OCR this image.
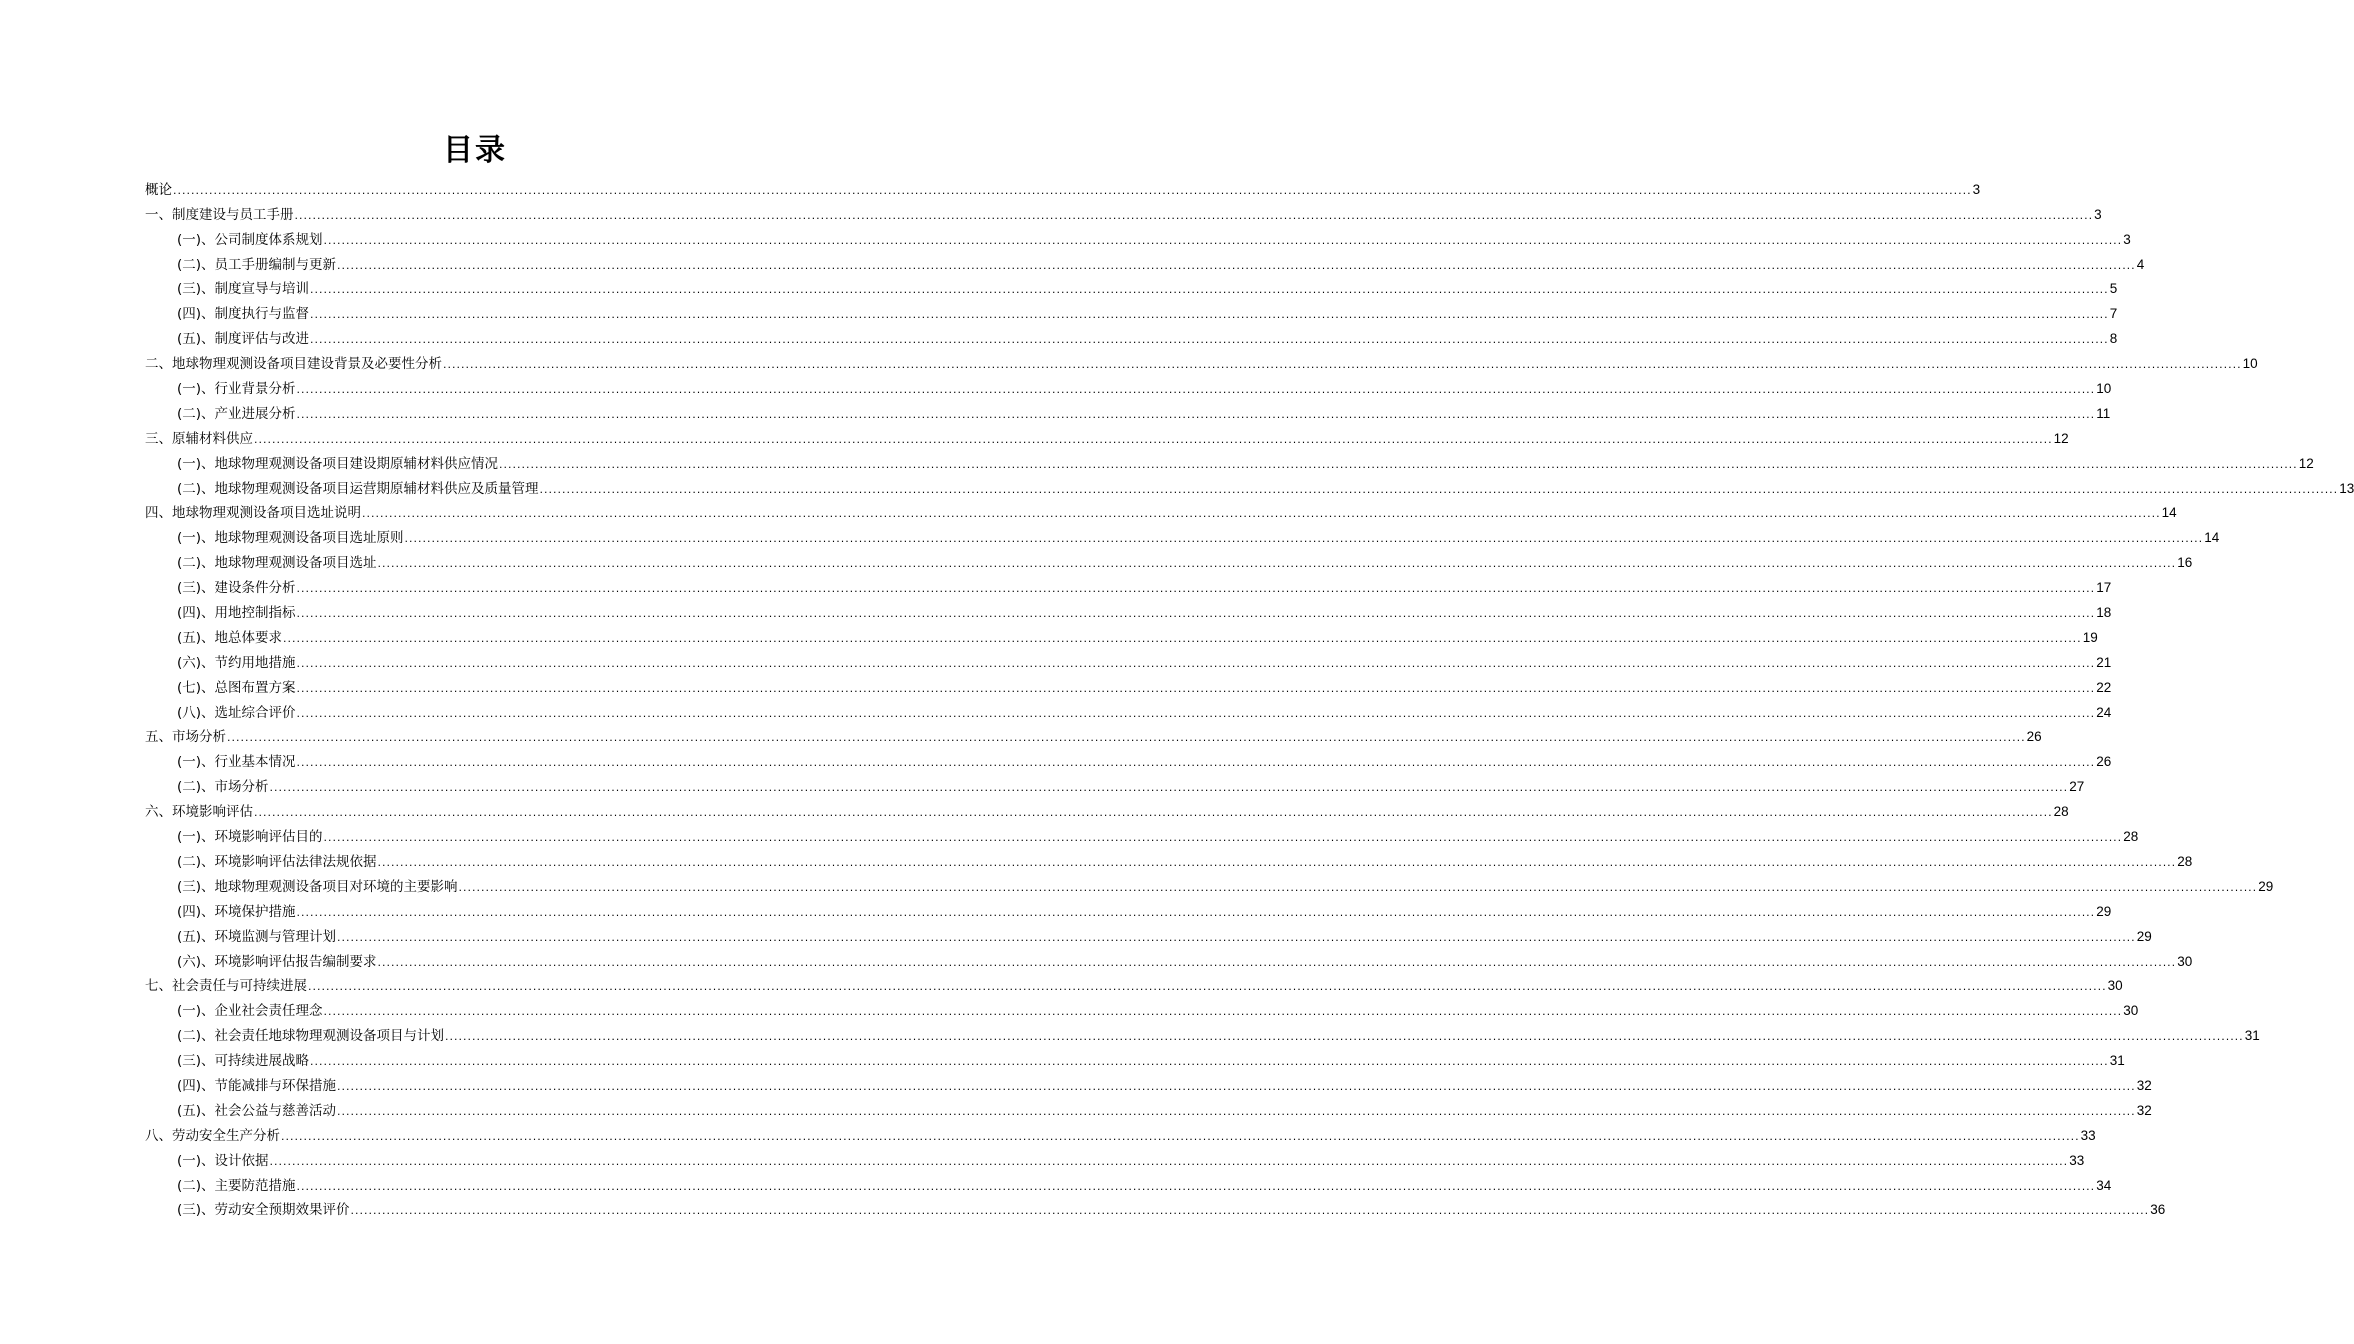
目录
概论 ................................................................................................................................................................................................................................................................................................................................................................................................................ 3
一、制度建设与员工手册 ................................................................................................................................................................................................................................................................................................................................................................................................................ 3
(一)、公司制度体系规划 ................................................................................................................................................................................................................................................................................................................................................................................................................ 3
(二)、员工手册编制与更新 ................................................................................................................................................................................................................................................................................................................................................................................................................ 4
(三)、制度宣导与培训 ................................................................................................................................................................................................................................................................................................................................................................................................................ 5
(四)、制度执行与监督 ................................................................................................................................................................................................................................................................................................................................................................................................................ 7
(五)、制度评估与改进 ................................................................................................................................................................................................................................................................................................................................................................................................................ 8
二、地球物理观测设备项目建设背景及必要性分析 ................................................................................................................................................................................................................................................................................................................................................................................................................ 10
(一)、行业背景分析 ................................................................................................................................................................................................................................................................................................................................................................................................................ 10
(二)、产业进展分析 ................................................................................................................................................................................................................................................................................................................................................................................................................ 11
三、原辅材料供应 ................................................................................................................................................................................................................................................................................................................................................................................................................ 12
(一)、地球物理观测设备项目建设期原辅材料供应情况 ................................................................................................................................................................................................................................................................................................................................................................................................................ 12
(二)、地球物理观测设备项目运营期原辅材料供应及质量管理 ................................................................................................................................................................................................................................................................................................................................................................................................................ 13
四、地球物理观测设备项目选址说明 ................................................................................................................................................................................................................................................................................................................................................................................................................ 14
(一)、地球物理观测设备项目选址原则 ................................................................................................................................................................................................................................................................................................................................................................................................................ 14
(二)、地球物理观测设备项目选址 ................................................................................................................................................................................................................................................................................................................................................................................................................ 16
(三)、建设条件分析 ................................................................................................................................................................................................................................................................................................................................................................................................................ 17
(四)、用地控制指标 ................................................................................................................................................................................................................................................................................................................................................................................................................ 18
(五)、地总体要求 ................................................................................................................................................................................................................................................................................................................................................................................................................ 19
(六)、节约用地措施 ................................................................................................................................................................................................................................................................................................................................................................................................................ 21
(七)、总图布置方案 ................................................................................................................................................................................................................................................................................................................................................................................................................ 22
(八)、选址综合评价 ................................................................................................................................................................................................................................................................................................................................................................................................................ 24
五、市场分析 ................................................................................................................................................................................................................................................................................................................................................................................................................ 26
(一)、行业基本情况 ................................................................................................................................................................................................................................................................................................................................................................................................................ 26
(二)、市场分析 ................................................................................................................................................................................................................................................................................................................................................................................................................ 27
六、环境影响评估 ................................................................................................................................................................................................................................................................................................................................................................................................................ 28
(一)、环境影响评估目的 ................................................................................................................................................................................................................................................................................................................................................................................................................ 28
(二)、环境影响评估法律法规依据 ................................................................................................................................................................................................................................................................................................................................................................................................................ 28
(三)、地球物理观测设备项目对环境的主要影响 ................................................................................................................................................................................................................................................................................................................................................................................................................ 29
(四)、环境保护措施 ................................................................................................................................................................................................................................................................................................................................................................................................................ 29
(五)、环境监测与管理计划 ................................................................................................................................................................................................................................................................................................................................................................................................................ 29
(六)、环境影响评估报告编制要求 ................................................................................................................................................................................................................................................................................................................................................................................................................ 30
七、社会责任与可持续进展 ................................................................................................................................................................................................................................................................................................................................................................................................................ 30
(一)、企业社会责任理念 ................................................................................................................................................................................................................................................................................................................................................................................................................ 30
(二)、社会责任地球物理观测设备项目与计划 ................................................................................................................................................................................................................................................................................................................................................................................................................ 31
(三)、可持续进展战略 ................................................................................................................................................................................................................................................................................................................................................................................................................ 31
(四)、节能减排与环保措施 ................................................................................................................................................................................................................................................................................................................................................................................................................ 32
(五)、社会公益与慈善活动 ................................................................................................................................................................................................................................................................................................................................................................................................................ 32
八、劳动安全生产分析 ................................................................................................................................................................................................................................................................................................................................................................................................................ 33
(一)、设计依据 ................................................................................................................................................................................................................................................................................................................................................................................................................ 33
(二)、主要防范措施 ................................................................................................................................................................................................................................................................................................................................................................................................................ 34
(三)、劳动安全预期效果评价 ................................................................................................................................................................................................................................................................................................................................................................................................................ 36
